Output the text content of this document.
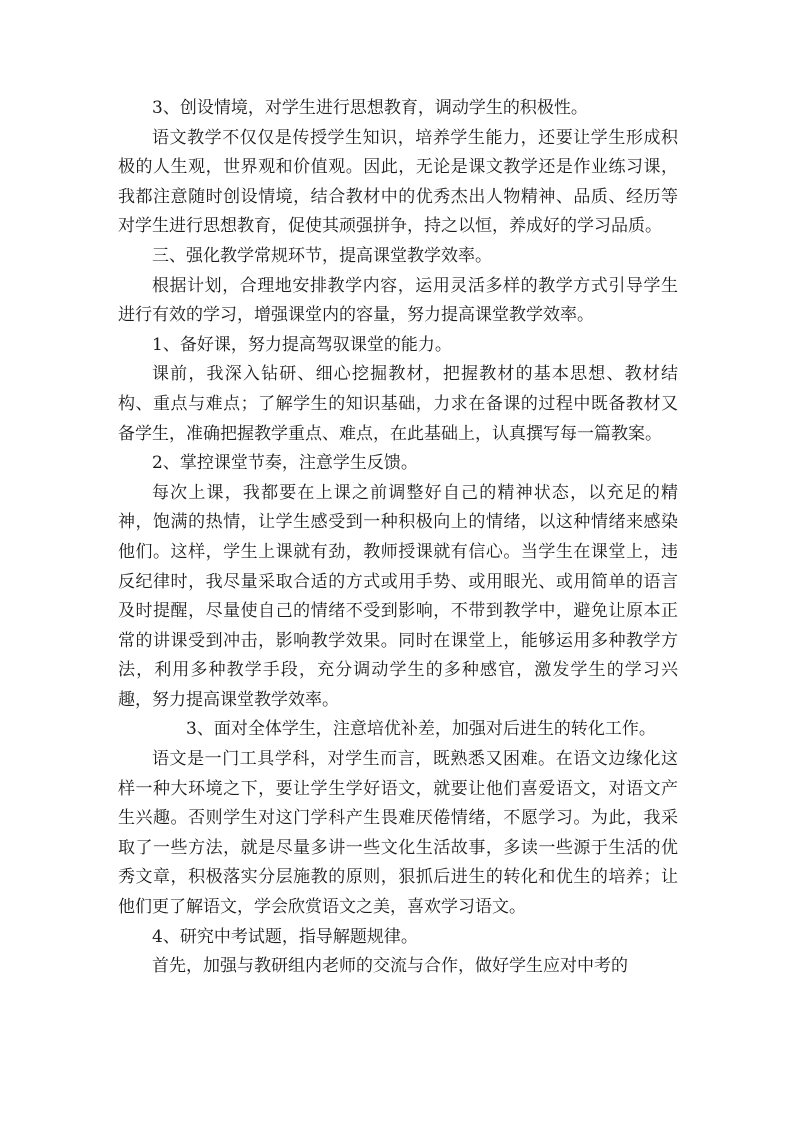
3、创设情境，对学生进行思想教育，调动学生的积极性。

语文教学不仅仅是传授学生知识，培养学生能力，还要让学生形成积极的人生观，世界观和价值观。因此，无论是课文教学还是作业练习课，我都注意随时创设情境，结合教材中的优秀杰出人物精神、品质、经历等对学生进行思想教育，促使其顽强拼争，持之以恒，养成好的学习品质。

三、强化教学常规环节，提高课堂教学效率。

根据计划，合理地安排教学内容，运用灵活多样的教学方式引导学生进行有效的学习，增强课堂内的容量，努力提高课堂教学效率。

1、备好课，努力提高驾驭课堂的能力。

课前，我深入钻研、细心挖掘教材，把握教材的基本思想、教材结构、重点与难点；了解学生的知识基础，力求在备课的过程中既备教材又备学生，准确把握教学重点、难点，在此基础上，认真撰写每一篇教案。

2、掌控课堂节奏，注意学生反馈。

每次上课，我都要在上课之前调整好自己的精神状态，以充足的精神，饱满的热情，让学生感受到一种积极向上的情绪，以这种情绪来感染他们。这样，学生上课就有劲，教师授课就有信心。当学生在课堂上，违反纪律时，我尽量采取合适的方式或用手势、或用眼光、或用简单的语言及时提醒，尽量使自己的情绪不受到影响，不带到教学中，避免让原本正常的讲课受到冲击，影响教学效果。同时在课堂上，能够运用多种教学方法，利用多种教学手段，充分调动学生的多种感官，激发学生的学习兴趣，努力提高课堂教学效率。

3、面对全体学生，注意培优补差，加强对后进生的转化工作。

语文是一门工具学科，对学生而言，既熟悉又困难。在语文边缘化这样一种大环境之下，要让学生学好语文，就要让他们喜爱语文，对语文产生兴趣。否则学生对这门学科产生畏难厌倦情绪，不愿学习。为此，我采取了一些方法，就是尽量多讲一些文化生活故事，多读一些源于生活的优秀文章，积极落实分层施教的原则，狠抓后进生的转化和优生的培养；让他们更了解语文，学会欣赏语文之美，喜欢学习语文。

4、研究中考试题，指导解题规律。

首先，加强与教研组内老师的交流与合作，做好学生应对中考的
